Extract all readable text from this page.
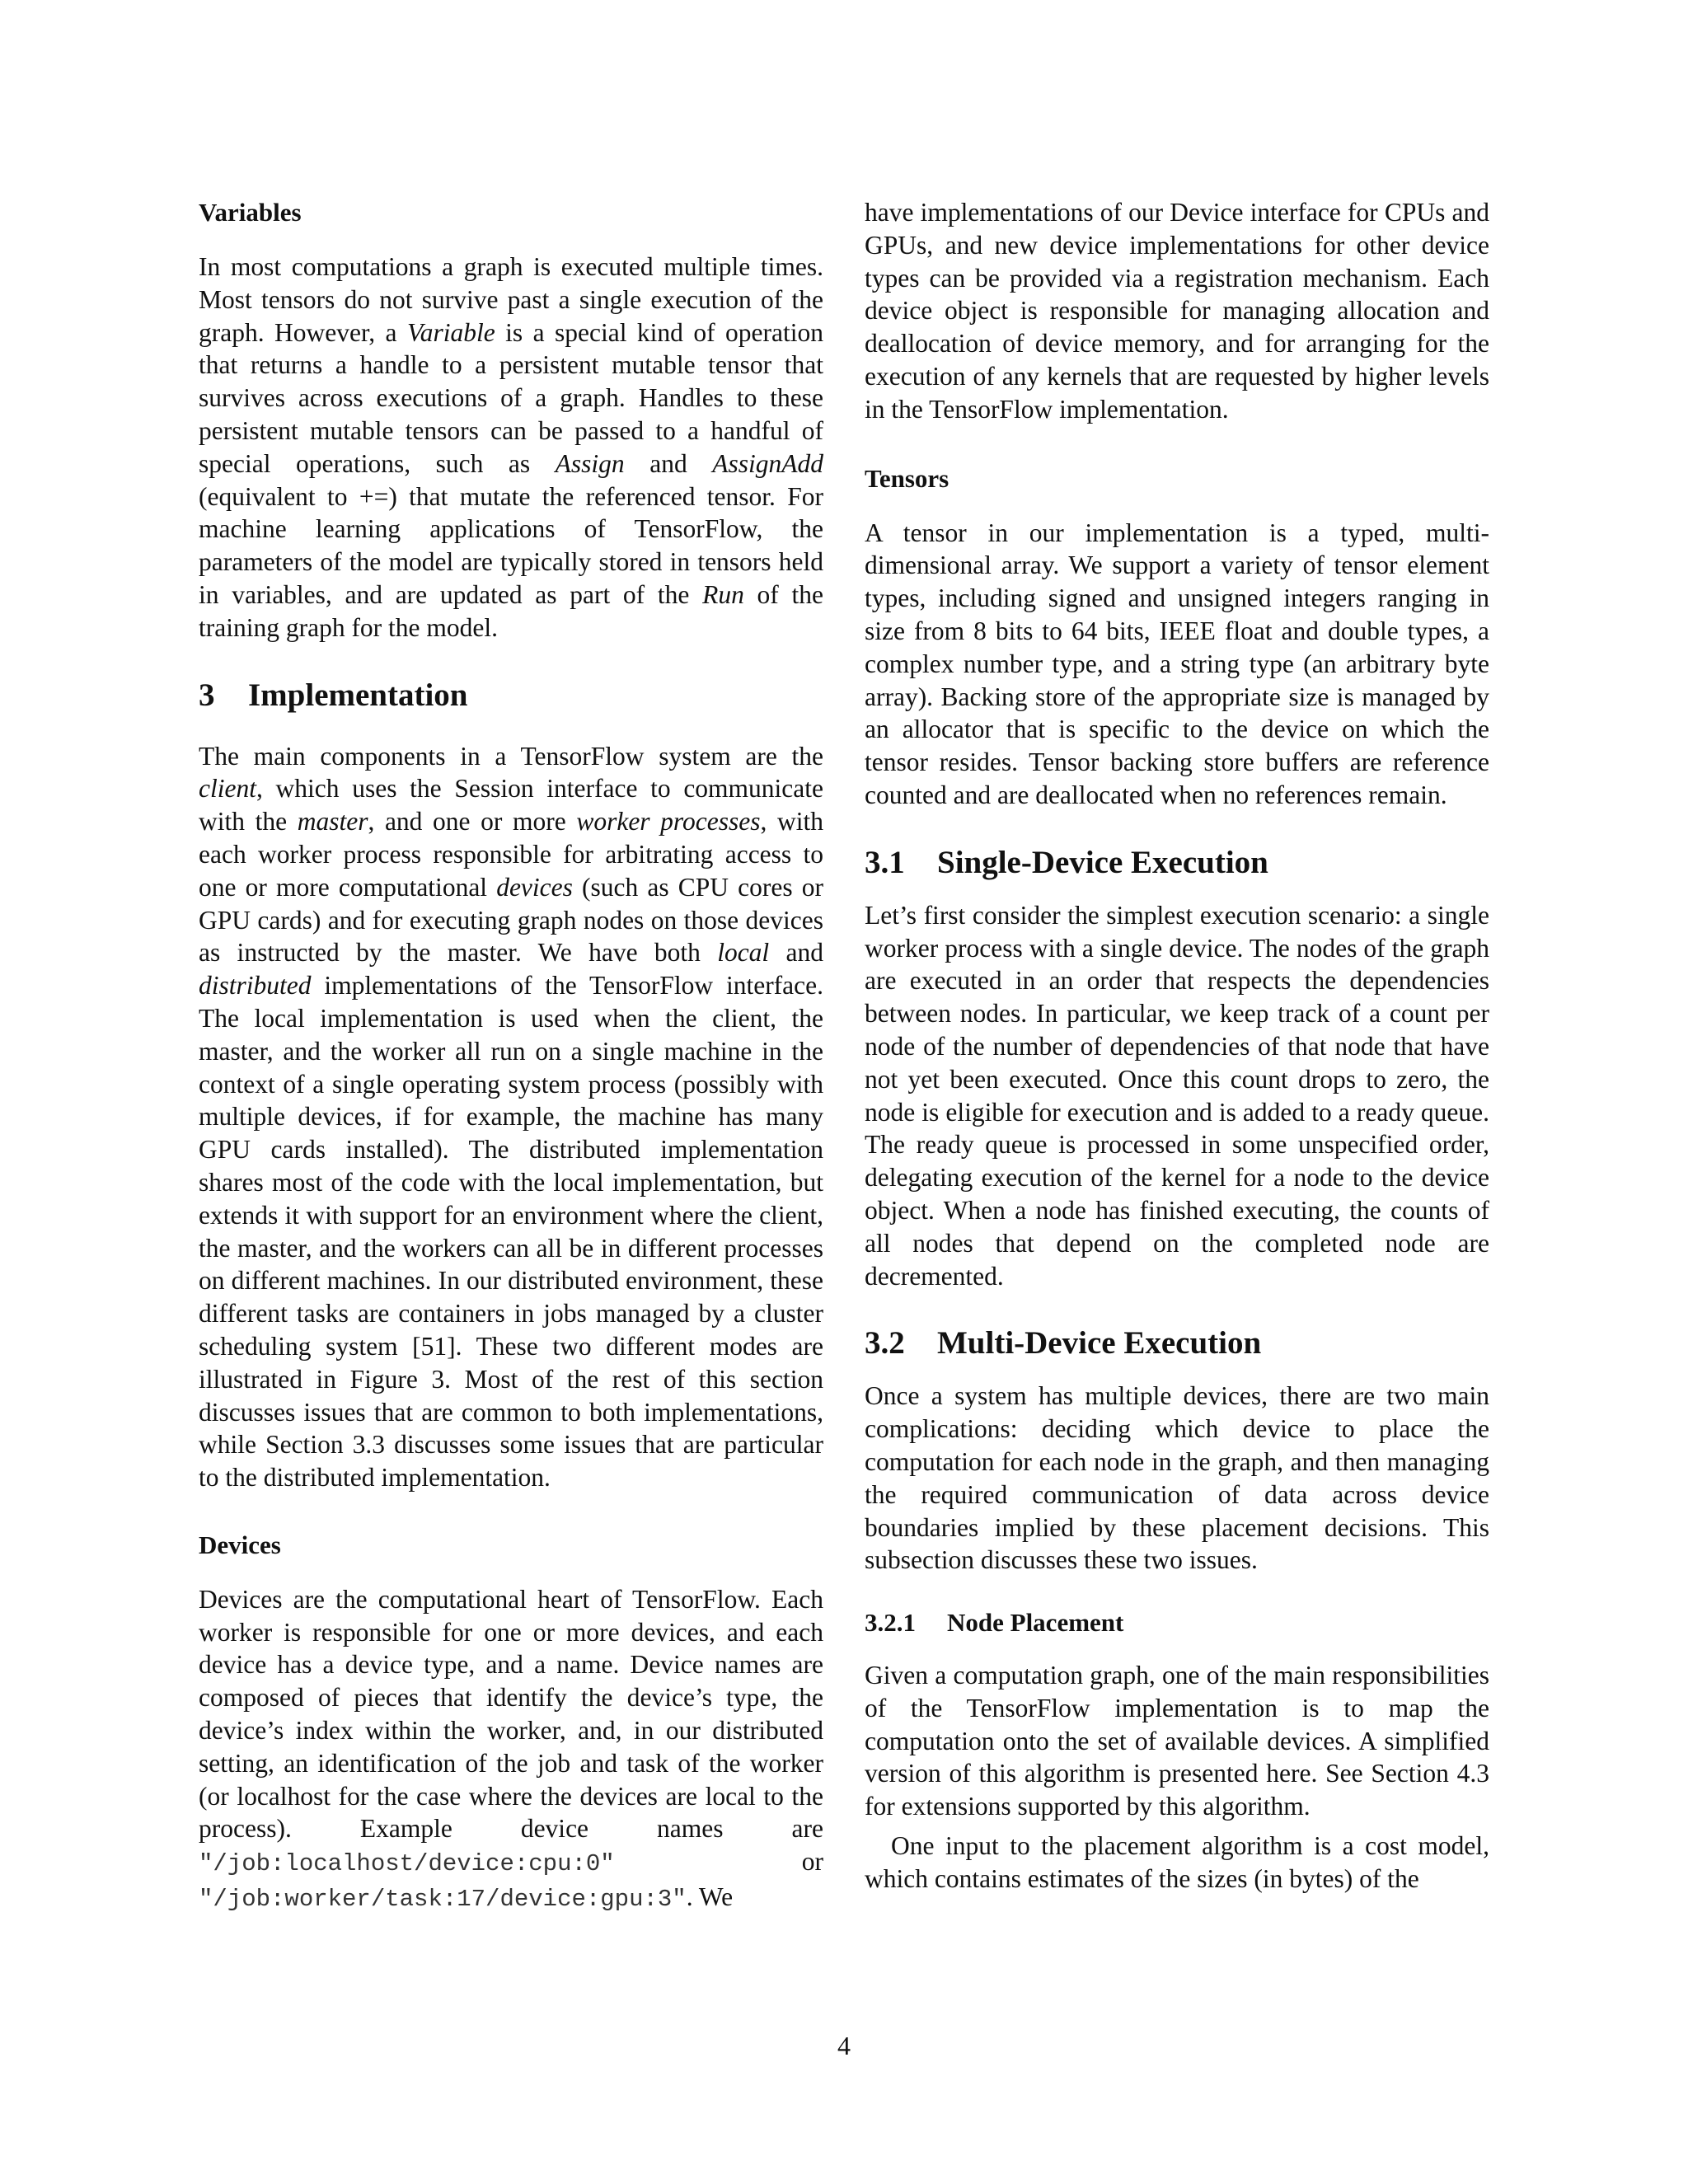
Variables

In most computations a graph is executed multiple times. Most tensors do not survive past a single execution of the graph. However, a Variable is a special kind of operation that returns a handle to a persistent mutable tensor that survives across executions of a graph. Handles to these persistent mutable tensors can be passed to a handful of special operations, such as Assign and AssignAdd (equivalent to +=) that mutate the referenced tensor. For machine learning applications of TensorFlow, the parameters of the model are typically stored in tensors held in variables, and are updated as part of the Run of the training graph for the model.

3 Implementation

The main components in a TensorFlow system are the client, which uses the Session interface to communicate with the master, and one or more worker processes, with each worker process responsible for arbitrating access to one or more computational devices (such as CPU cores or GPU cards) and for executing graph nodes on those devices as instructed by the master. We have both local and distributed implementations of the TensorFlow interface. The local implementation is used when the client, the master, and the worker all run on a single machine in the context of a single operating system process (possibly with multiple devices, if for example, the machine has many GPU cards installed). The distributed implementation shares most of the code with the local implementation, but extends it with support for an environment where the client, the master, and the workers can all be in different processes on different machines. In our distributed environment, these different tasks are containers in jobs managed by a cluster scheduling system [51]. These two different modes are illustrated in Figure 3. Most of the rest of this section discusses issues that are common to both implementations, while Section 3.3 discusses some issues that are particular to the distributed implementation.

Devices

Devices are the computational heart of TensorFlow. Each worker is responsible for one or more devices, and each device has a device type, and a name. Device names are composed of pieces that identify the device’s type, the device’s index within the worker, and, in our distributed setting, an identification of the job and task of the worker (or localhost for the case where the devices are local to the process). Example device names are "/job:localhost/device:cpu:0" or "/job:worker/task:17/device:gpu:3". We

have implementations of our Device interface for CPUs and GPUs, and new device implementations for other device types can be provided via a registration mechanism. Each device object is responsible for managing allocation and deallocation of device memory, and for arranging for the execution of any kernels that are requested by higher levels in the TensorFlow implementation.

Tensors

A tensor in our implementation is a typed, multi-dimensional array. We support a variety of tensor element types, including signed and unsigned integers ranging in size from 8 bits to 64 bits, IEEE float and double types, a complex number type, and a string type (an arbitrary byte array). Backing store of the appropriate size is managed by an allocator that is specific to the device on which the tensor resides. Tensor backing store buffers are reference counted and are deallocated when no references remain.

3.1 Single-Device Execution

Let’s first consider the simplest execution scenario: a single worker process with a single device. The nodes of the graph are executed in an order that respects the dependencies between nodes. In particular, we keep track of a count per node of the number of dependencies of that node that have not yet been executed. Once this count drops to zero, the node is eligible for execution and is added to a ready queue. The ready queue is processed in some unspecified order, delegating execution of the kernel for a node to the device object. When a node has finished executing, the counts of all nodes that depend on the completed node are decremented.

3.2 Multi-Device Execution

Once a system has multiple devices, there are two main complications: deciding which device to place the computation for each node in the graph, and then managing the required communication of data across device boundaries implied by these placement decisions. This subsection discusses these two issues.

3.2.1 Node Placement

Given a computation graph, one of the main responsibilities of the TensorFlow implementation is to map the computation onto the set of available devices. A simplified version of this algorithm is presented here. See Section 4.3 for extensions supported by this algorithm.

One input to the placement algorithm is a cost model, which contains estimates of the sizes (in bytes) of the

4
